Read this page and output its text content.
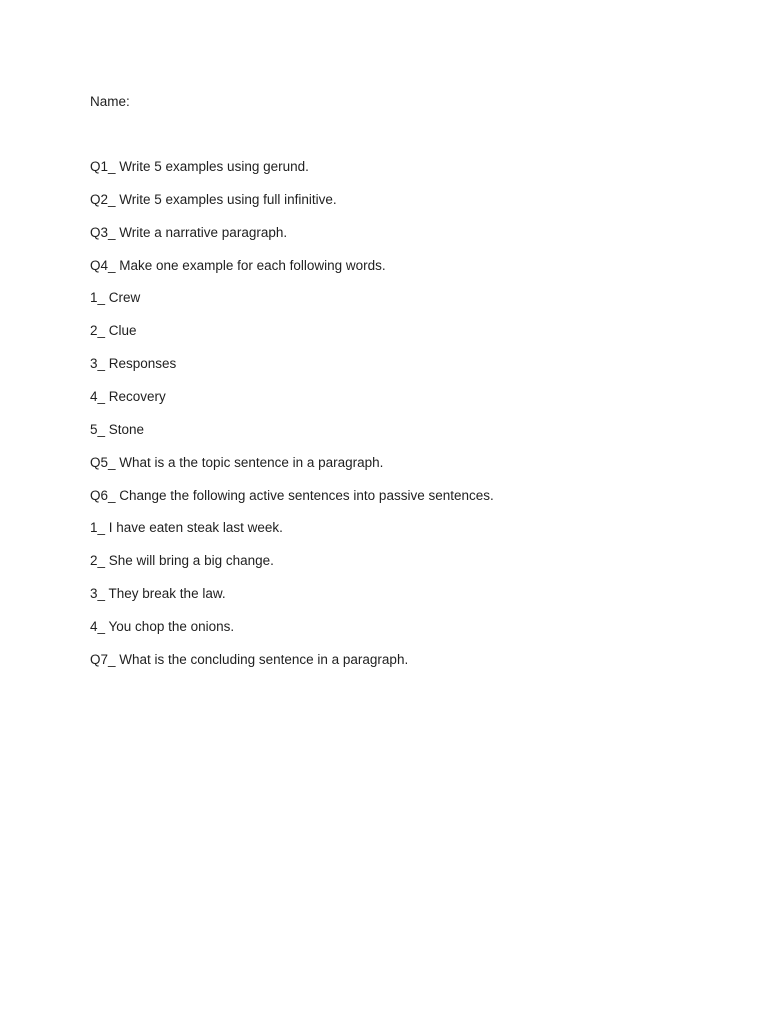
Name:

Q1_ Write 5 examples using gerund.

Q2_ Write 5 examples using full infinitive.

Q3_ Write a narrative paragraph.

Q4_ Make one example for each following words.

1_ Crew

2_ Clue

3_ Responses

4_ Recovery

5_ Stone

Q5_ What is a the topic sentence in a paragraph.

Q6_ Change the following active sentences into passive sentences.

1_ I have eaten steak last week.

2_ She will bring a big change.

3_ They break the law.

4_ You chop the onions.

Q7_ What is the concluding sentence in a paragraph.
